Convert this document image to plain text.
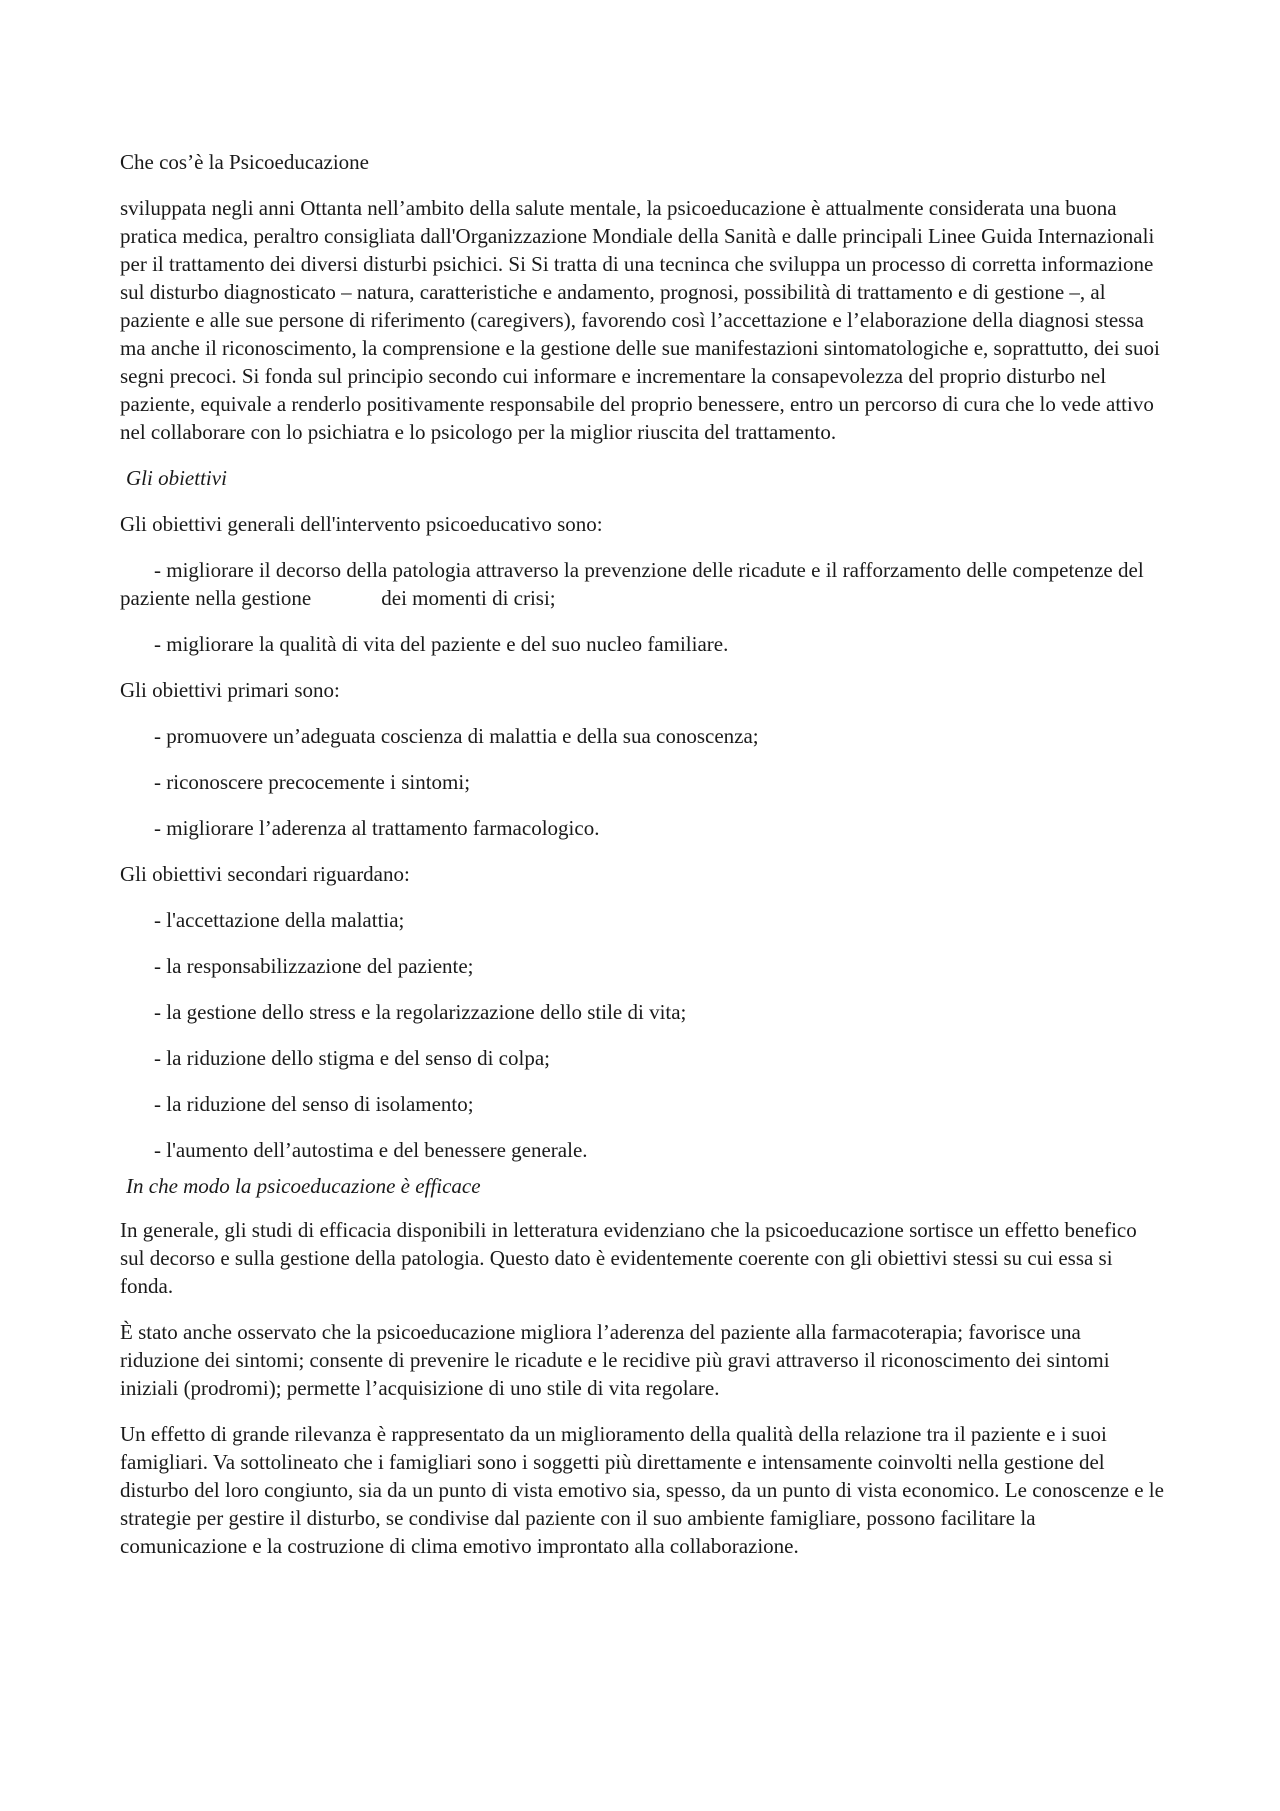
Che cos’è la Psicoeducazione

sviluppata negli anni Ottanta nell’ambito della salute mentale, la psicoeducazione è attualmente considerata una buona pratica medica, peraltro consigliata dall'Organizzazione Mondiale della Sanità e dalle principali Linee Guida Internazionali per il trattamento dei diversi disturbi psichici. Si Si tratta di una tecninca che sviluppa un processo di corretta informazione sul disturbo diagnosticato – natura, caratteristiche e andamento, prognosi, possibilità di trattamento e di gestione –, al paziente e alle sue persone di riferimento (caregivers), favorendo così l’accettazione e l’elaborazione della diagnosi stessa ma anche il riconoscimento, la comprensione e la gestione delle sue manifestazioni sintomatologiche e, soprattutto, dei suoi segni precoci. Si fonda sul principio secondo cui informare e incrementare la consapevolezza del proprio disturbo nel paziente, equivale a renderlo positivamente responsabile del proprio benessere, entro un percorso di cura che lo vede attivo nel collaborare con lo psichiatra e lo psicologo per la miglior riuscita del trattamento.

Gli obiettivi

Gli obiettivi generali dell'intervento psicoeducativo sono:

- migliorare il decorso della patologia attraverso la prevenzione delle ricadute e il rafforzamento delle competenze del paziente nella gestione	dei momenti di crisi;

- migliorare la qualità di vita del paziente e del suo nucleo familiare.

Gli obiettivi primari sono:

- promuovere un’adeguata coscienza di malattia e della sua conoscenza;

- riconoscere precocemente i sintomi;

- migliorare l’aderenza al trattamento farmacologico.

Gli obiettivi secondari riguardano:

- l'accettazione della malattia;

- la responsabilizzazione del paziente;

- la gestione dello stress e la regolarizzazione dello stile di vita;

- la riduzione dello stigma e del senso di colpa;

- la riduzione del senso di isolamento;

- l'aumento dell’autostima e del benessere generale.

In che modo la psicoeducazione è efficace

In generale, gli studi di efficacia disponibili in letteratura evidenziano che la psicoeducazione sortisce un effetto benefico sul decorso e sulla gestione della patologia. Questo dato è evidentemente coerente con gli obiettivi stessi su cui essa si fonda.

È stato anche osservato che la psicoeducazione migliora l’aderenza del paziente alla farmacoterapia; favorisce una riduzione dei sintomi; consente di prevenire le ricadute e le recidive più gravi attraverso il riconoscimento dei sintomi iniziali (prodromi); permette l’acquisizione di uno stile di vita regolare.

Un effetto di grande rilevanza è rappresentato da un miglioramento della qualità della relazione tra il paziente e i suoi famigliari. Va sottolineato che i famigliari sono i soggetti più direttamente e intensamente coinvolti nella gestione del disturbo del loro congiunto, sia da un punto di vista emotivo sia, spesso, da un punto di vista economico. Le conoscenze e le strategie per gestire il disturbo, se condivise dal paziente con il suo ambiente famigliare, possono facilitare la comunicazione e la costruzione di clima emotivo improntato alla collaborazione.
